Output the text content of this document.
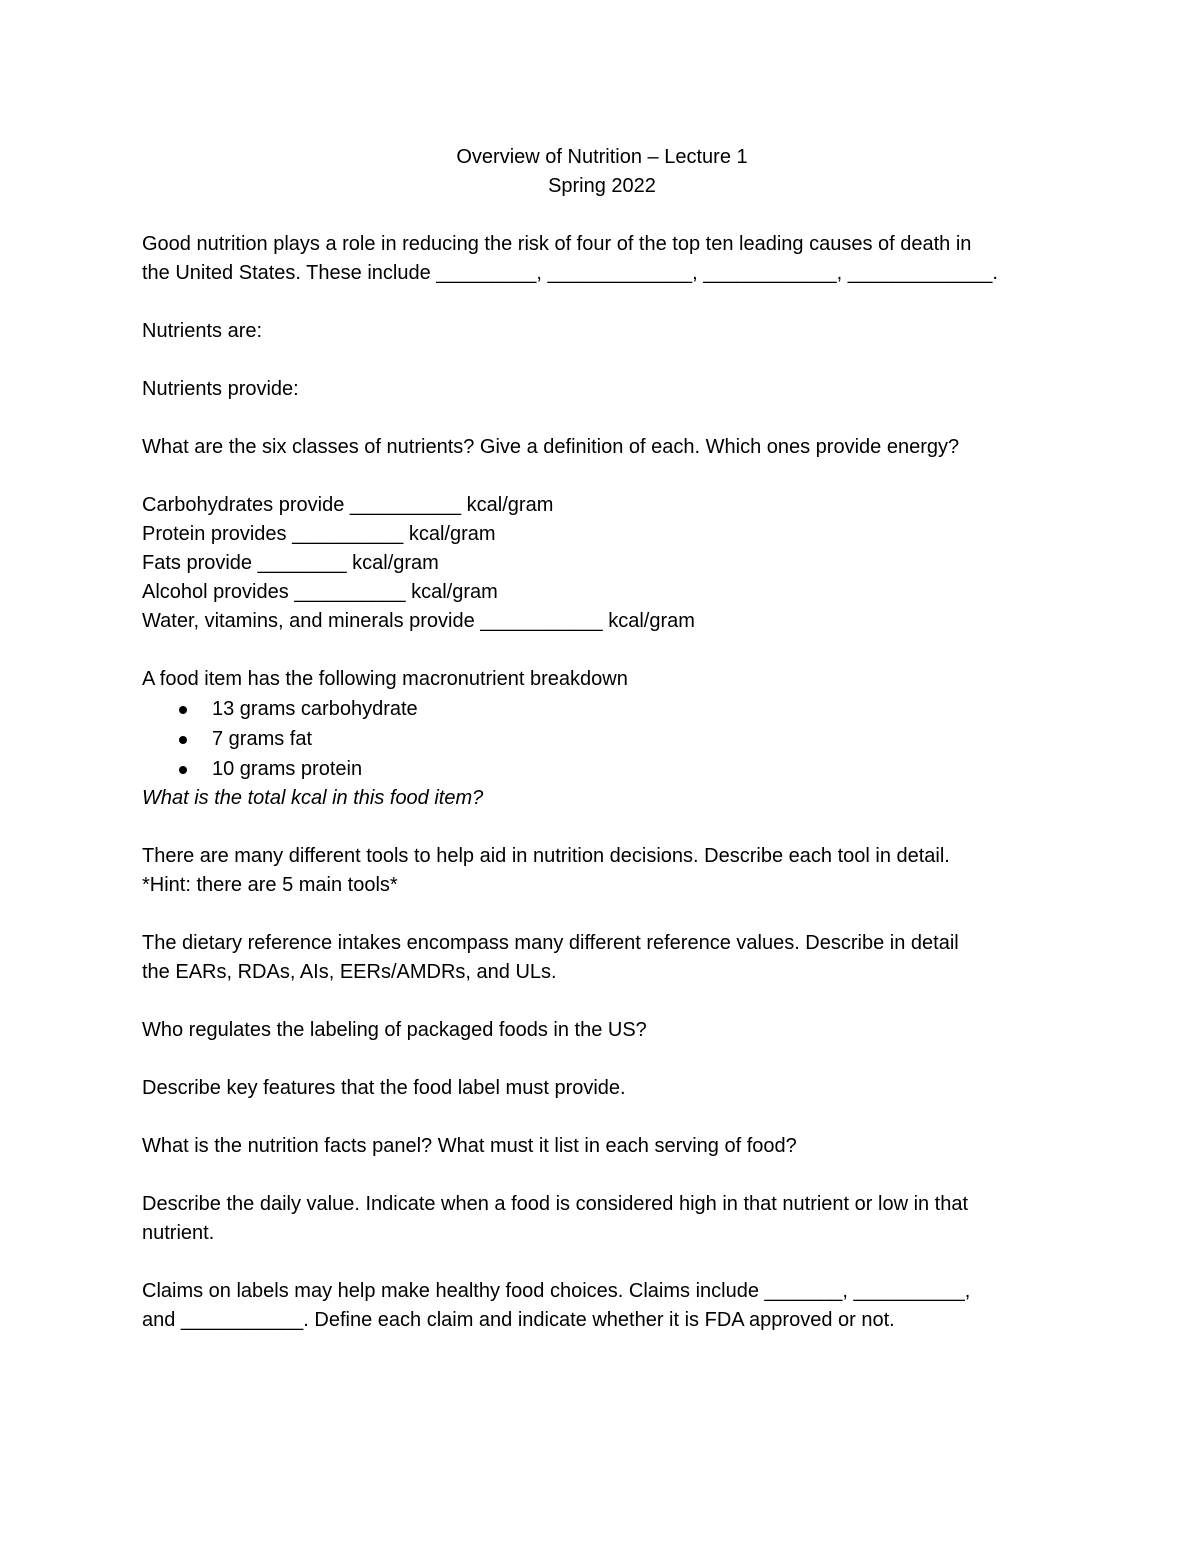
Overview of Nutrition – Lecture 1
Spring 2022
Good nutrition plays a role in reducing the risk of four of the top ten leading causes of death in
the United States. These include _________, _____________, ____________, _____________.

Nutrients are:

Nutrients provide:

What are the six classes of nutrients? Give a definition of each. Which ones provide energy?

Carbohydrates provide __________ kcal/gram
Protein provides __________ kcal/gram
Fats provide ________ kcal/gram
Alcohol provides __________ kcal/gram
Water, vitamins, and minerals provide ___________ kcal/gram
A food item has the following macronutrient breakdown
13 grams carbohydrate
7 grams fat
10 grams protein
What is the total kcal in this food item?
There are many different tools to help aid in nutrition decisions. Describe each tool in detail.
*Hint: there are 5 main tools*
The dietary reference intakes encompass many different reference values. Describe in detail
the EARs, RDAs, AIs, EERs/AMDRs, and ULs.

Who regulates the labeling of packaged foods in the US?

Describe key features that the food label must provide.

What is the nutrition facts panel? What must it list in each serving of food?

Describe the daily value. Indicate when a food is considered high in that nutrient or low in that
nutrient.
Claims on labels may help make healthy food choices. Claims include _______, __________,
and ___________. Define each claim and indicate whether it is FDA approved or not.
